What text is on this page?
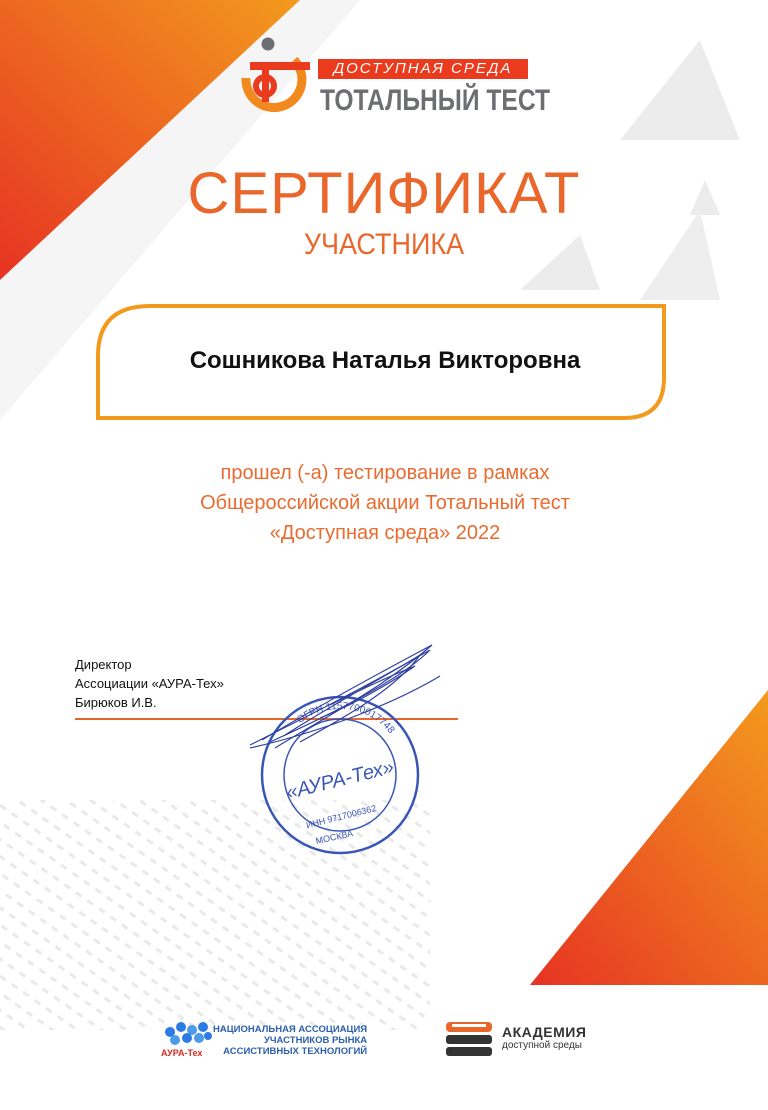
ДОСТУПНАЯ СРЕДА
ТОТАЛЬНЫЙ ТЕСТ
СЕРТИФИКАТ
УЧАСТНИКА
Сошникова Наталья Викторовна
прошел (-а) тестирование в рамках
Общероссийской акции Тотальный тест
«Доступная среда» 2022
Директор
Ассоциации «АУРА-Тех»
Бирюков И.В.
ОГРН 1157700017748
«АУРА-Тех»
ИНН 9717006362
МОСКВА
НАЦИОНАЛЬНАЯ АССОЦИАЦИЯ
УЧАСТНИКОВ РЫНКА
АССИСТИВНЫХ ТЕХНОЛОГИЙ
АУРА-Тех
АКАДЕМИЯ
доступной среды
